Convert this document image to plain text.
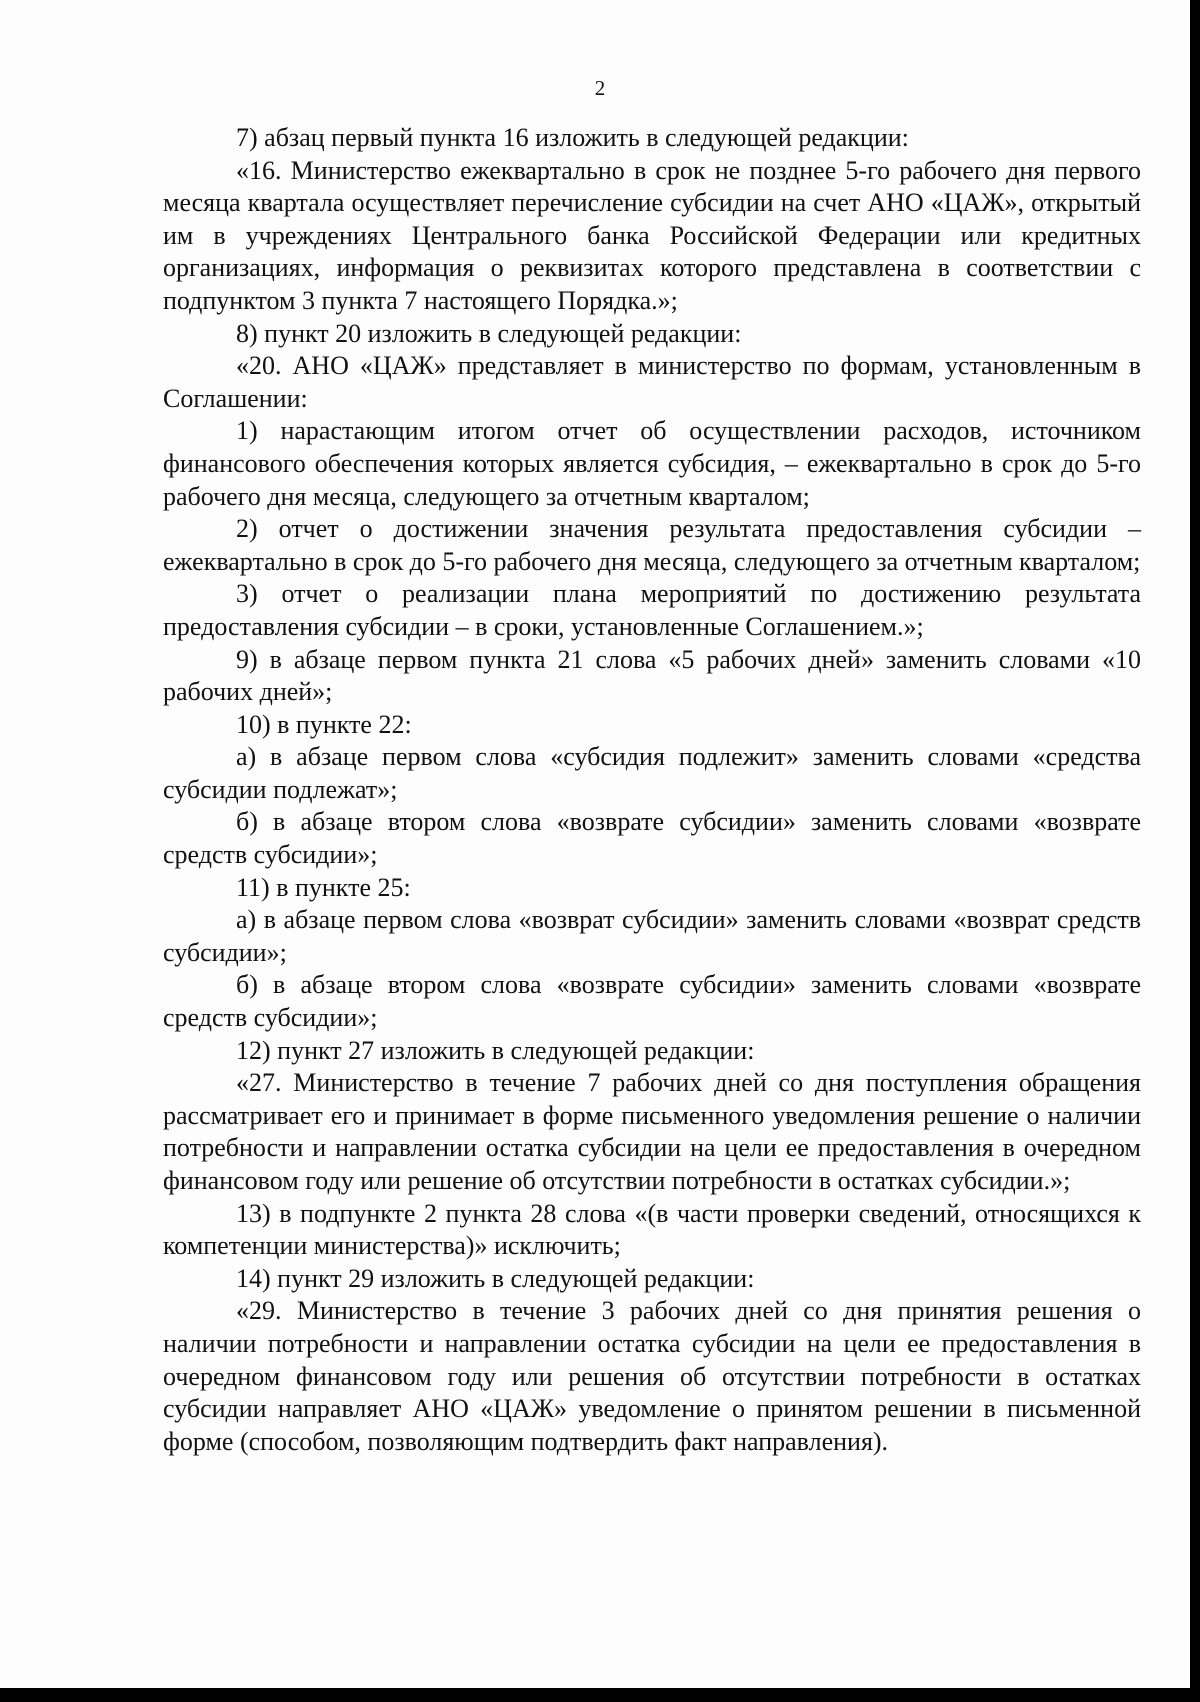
2

7) абзац первый пункта 16 изложить в следующей редакции:

«16. Министерство ежеквартально в срок не позднее 5-го рабочего дня первого месяца квартала осуществляет перечисление субсидии на счет АНО «ЦАЖ», открытый им в учреждениях Центрального банка Российской Федерации или кредитных организациях, информация о реквизитах которого представлена в соответствии с подпунктом 3 пункта 7 настоящего Порядка.»;

8) пункт 20 изложить в следующей редакции:

«20. АНО «ЦАЖ» представляет в министерство по формам, установленным в Соглашении:

1) нарастающим итогом отчет об осуществлении расходов, источником финансового обеспечения которых является субсидия, – ежеквартально в срок до 5-го рабочего дня месяца, следующего за отчетным кварталом;

2) отчет о достижении значения результата предоставления субсидии – ежеквартально в срок до 5-го рабочего дня месяца, следующего за отчетным кварталом;

3) отчет о реализации плана мероприятий по достижению результата предоставления субсидии – в сроки, установленные Соглашением.»;

9) в абзаце первом пункта 21 слова «5 рабочих дней» заменить словами «10 рабочих дней»;

10) в пункте 22:

а) в абзаце первом слова «субсидия подлежит» заменить словами «средства субсидии подлежат»;

б) в абзаце втором слова «возврате субсидии» заменить словами «возврате средств субсидии»;

11) в пункте 25:

а) в абзаце первом слова «возврат субсидии» заменить словами «возврат средств субсидии»;

б) в абзаце втором слова «возврате субсидии» заменить словами «возврате средств субсидии»;

12) пункт 27 изложить в следующей редакции:

«27. Министерство в течение 7 рабочих дней со дня поступления обращения рассматривает его и принимает в форме письменного уведомления решение о наличии потребности и направлении остатка субсидии на цели ее предоставления в очередном финансовом году или решение об отсутствии потребности в остатках субсидии.»;

13) в подпункте 2 пункта 28 слова «(в части проверки сведений, относящихся к компетенции министерства)» исключить;

14) пункт 29 изложить в следующей редакции:

«29. Министерство в течение 3 рабочих дней со дня принятия решения о наличии потребности и направлении остатка субсидии на цели ее предоставления в очередном финансовом году или решения об отсутствии потребности в остатках субсидии направляет АНО «ЦАЖ» уведомление о принятом решении в письменной форме (способом, позволяющим подтвердить факт направления).
